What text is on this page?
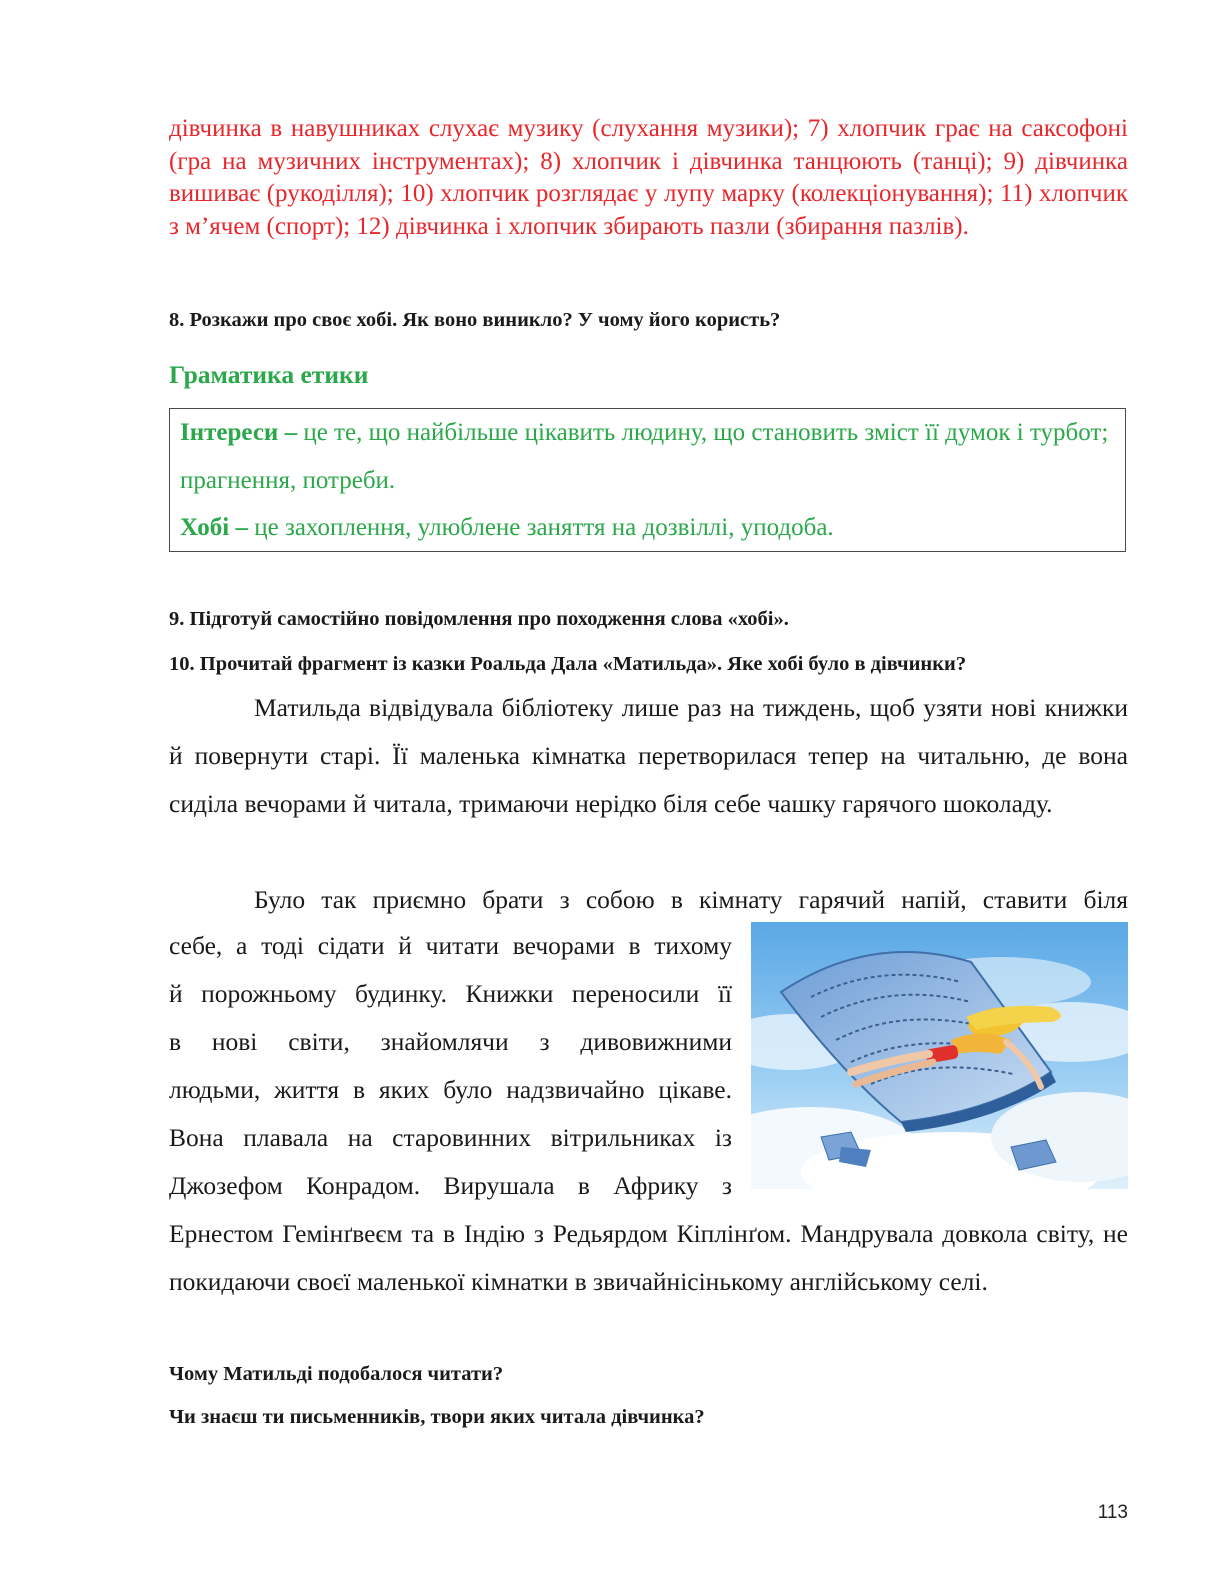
дівчинка в навушниках слухає музику (слухання музики); 7) хлопчик грає на саксофоні (гра на музичних інструментах); 8) хлопчик і дівчинка танцюють (танці); 9) дівчинка вишиває (рукоділля); 10) хлопчик розглядає у лупу марку (колекціонування); 11) хлопчик з м’ячем (спорт); 12) дівчинка і хлопчик збирають пазли (збирання пазлів).

8. Розкажи про своє хобі. Як воно виникло? У чому його користь?

Граматика етики

Інтереси – це те, що найбільше цікавить людину, що становить зміст її думок і турбот; прагнення, потреби.

Хобі – це захоплення, улюблене заняття на дозвіллі, уподоба.

9. Підготуй самостійно повідомлення про походження слова «хобі».

10. Прочитай фрагмент із казки Роальда Дала «Матильда». Яке хобі було в дівчинки?

Матильда відвідувала бібліотеку лише раз на тиждень, щоб узяти нові книжки й повернути старі. Її маленька кімнатка перетворилася тепер на читальню, де вона сиділа вечорами й читала, тримаючи нерідко біля себе чашку гарячого шоколаду.

Було так приємно брати з собою в кімнату гарячий напій, ставити біля

себе, а тоді сідати й читати вечорами в тихому
й порожньому будинку. Книжки переносили її
в нові світи, знайомлячи з дивовижними
людьми, життя в яких було надзвичайно цікаве.
Вона плавала на старовинних вітрильниках із
Джозефом Конрадом. Вирушала в Африку з

Ернестом Гемінґвеєм та в Індію з Редьярдом Кіплінґом. Мандрувала довкола світу, не покидаючи своєї маленької кімнатки в звичайнісінькому англійському селі.

Чому Матильді подобалося читати?

Чи знаєш ти письменників, твори яких читала дівчинка?

113
